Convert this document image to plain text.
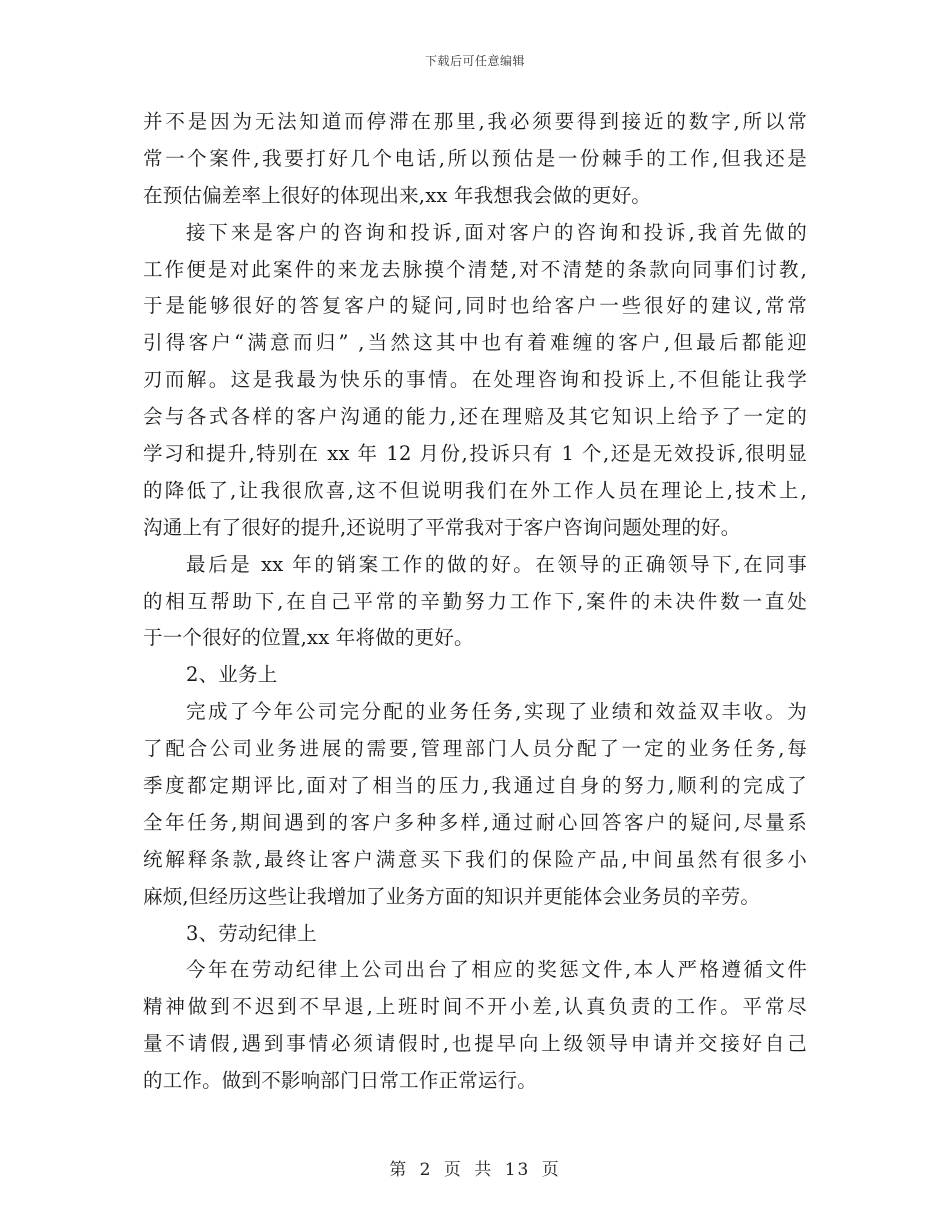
下载后可任意编辑
并不是因为无法知道而停滞在那里,我必须要得到接近的数字,所以常
常一个案件,我要打好几个电话,所以预估是一份棘手的工作,但我还是
在预估偏差率上很好的体现出来,xx 年我想我会做的更好。
接下来是客户的咨询和投诉,面对客户的咨询和投诉,我首先做的
工作便是对此案件的来龙去脉摸个清楚,对不清楚的条款向同事们讨教,
于是能够很好的答复客户的疑问,同时也给客户一些很好的建议,常常
引得客户“满意而归” ,当然这其中也有着难缠的客户,但最后都能迎
刃而解。这是我最为快乐的事情。在处理咨询和投诉上,不但能让我学
会与各式各样的客户沟通的能力,还在理赔及其它知识上给予了一定的
学习和提升,特别在 xx 年 12 月份,投诉只有 1 个,还是无效投诉,很明显
的降低了,让我很欣喜,这不但说明我们在外工作人员在理论上,技术上,
沟通上有了很好的提升,还说明了平常我对于客户咨询问题处理的好。
最后是 xx 年的销案工作的做的好。在领导的正确领导下,在同事
的相互帮助下,在自己平常的辛勤努力工作下,案件的未决件数一直处
于一个很好的位置,xx 年将做的更好。
2、业务上
完成了今年公司完分配的业务任务,实现了业绩和效益双丰收。为
了配合公司业务进展的需要,管理部门人员分配了一定的业务任务,每
季度都定期评比,面对了相当的压力,我通过自身的努力,顺利的完成了
全年任务,期间遇到的客户多种多样,通过耐心回答客户的疑问,尽量系
统解释条款,最终让客户满意买下我们的保险产品,中间虽然有很多小
麻烦,但经历这些让我增加了业务方面的知识并更能体会业务员的辛劳。
3、劳动纪律上
今年在劳动纪律上公司出台了相应的奖惩文件,本人严格遵循文件
精神做到不迟到不早退,上班时间不开小差,认真负责的工作。平常尽
量不请假,遇到事情必须请假时,也提早向上级领导申请并交接好自己
的工作。做到不影响部门日常工作正常运行。
第 2 页 共 13 页
